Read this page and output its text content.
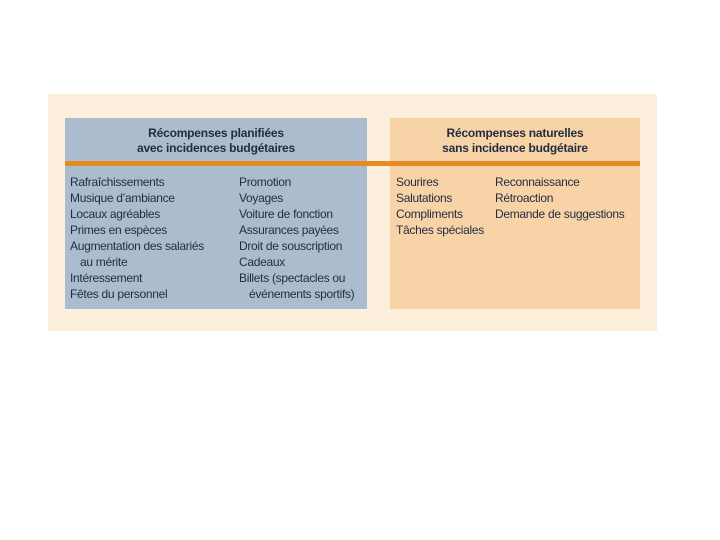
Récompenses planifiées
avec incidences budgétaires
Rafraîchissements
Musique d’ambiance
Locaux agréables
Primes en espèces
Augmentation des salariés
au mérite
Intéressement
Fêtes du personnel
Promotion
Voyages
Voiture de fonction
Assurances payées
Droit de souscription
Cadeaux
Billets (spectacles ou
événements sportifs)
Récompenses naturelles
sans incidence budgétaire
Sourires
Salutations
Compliments
Tâches spéciales
Reconnaissance
Rétroaction
Demande de suggestions
